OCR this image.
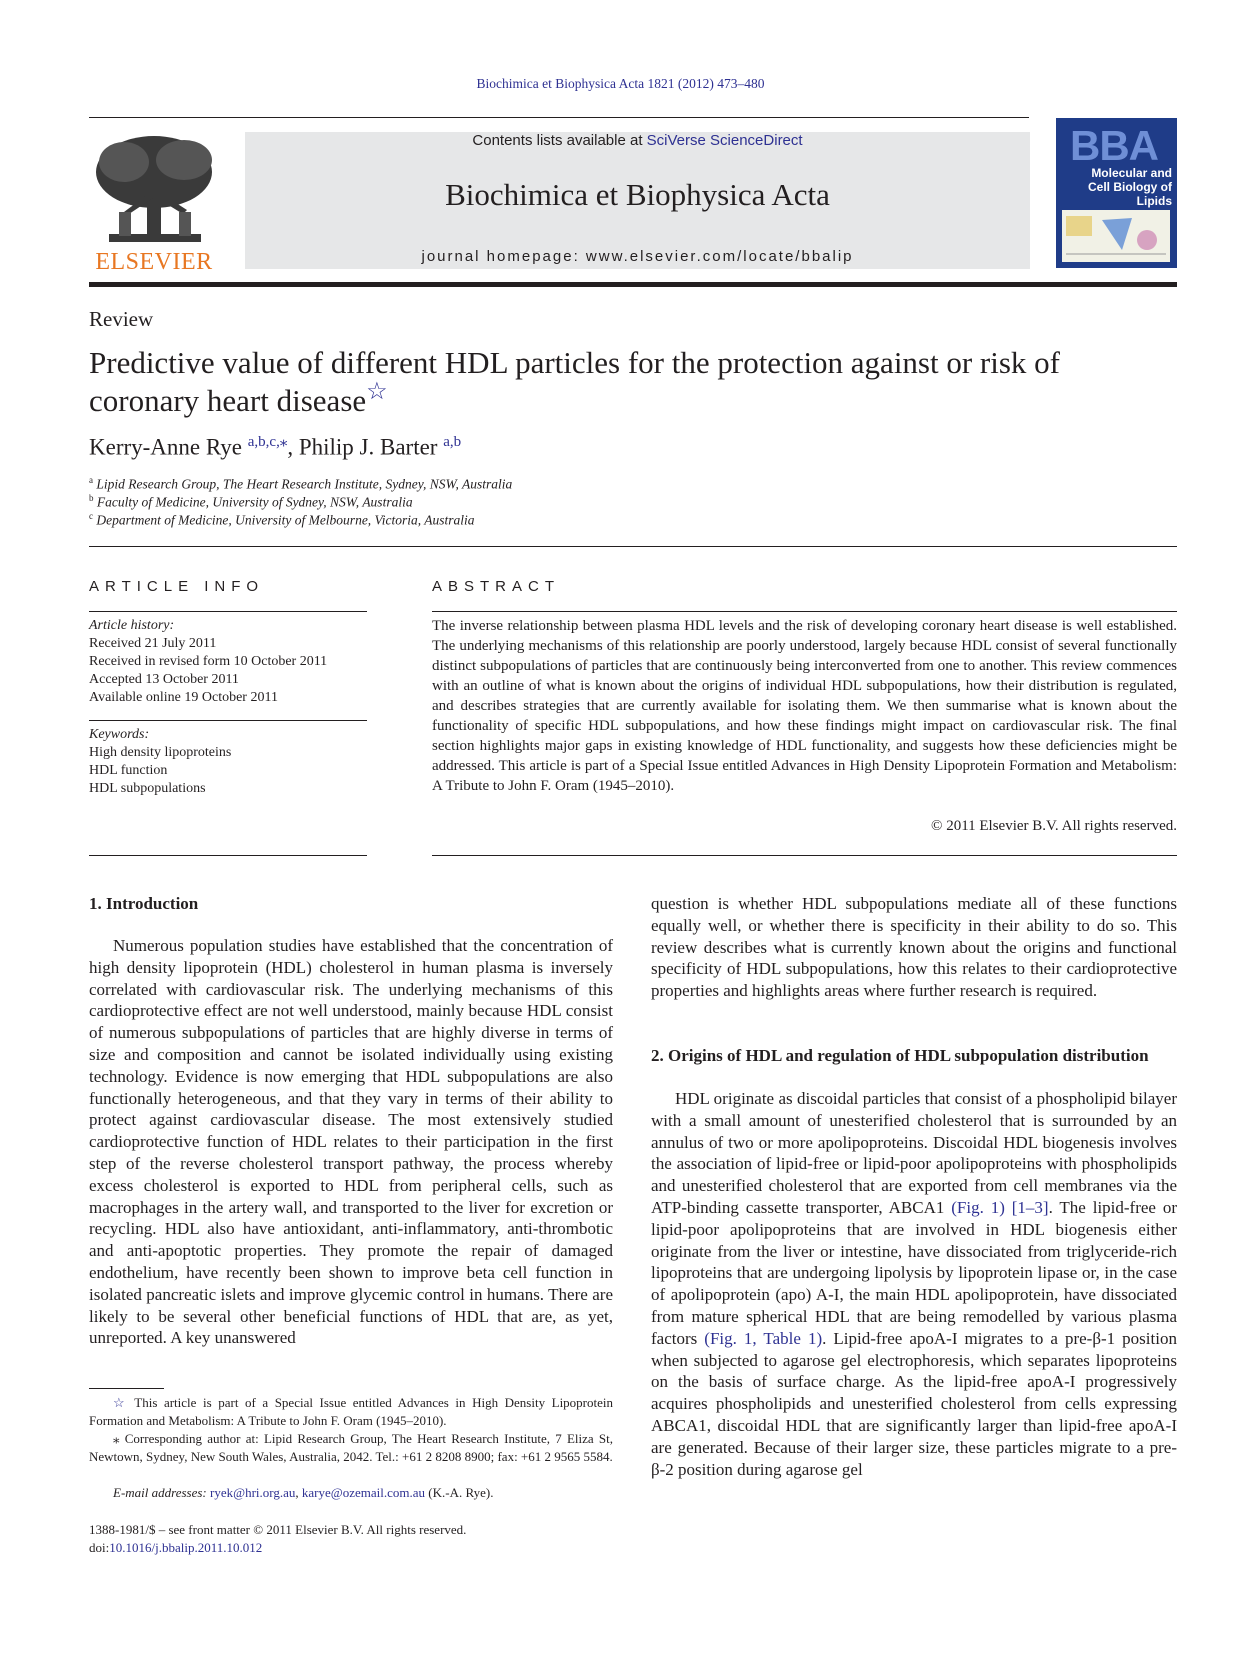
Biochimica et Biophysica Acta 1821 (2012) 473–480
ELSEVIER
Contents lists available at SciVerse ScienceDirect
Biochimica et Biophysica Acta
journal homepage: www.elsevier.com/locate/bbalip
BBA
Molecular and Cell Biology of Lipids
Review
Predictive value of different HDL particles for the protection against or risk of coronary heart disease☆
Kerry-Anne Rye $^{a,b,c,⁎}$, Philip J. Barter $^{a,b}$
$^a$ Lipid Research Group, The Heart Research Institute, Sydney, NSW, Australia
$^b$ Faculty of Medicine, University of Sydney, NSW, Australia
$^c$ Department of Medicine, University of Melbourne, Victoria, Australia
ARTICLE INFO
Article history:
Received 21 July 2011
Received in revised form 10 October 2011
Accepted 13 October 2011
Available online 19 October 2011
Keywords:
High density lipoproteins
HDL function
HDL subpopulations
ABSTRACT
The inverse relationship between plasma HDL levels and the risk of developing coronary heart disease is well established. The underlying mechanisms of this relationship are poorly understood, largely because HDL consist of several functionally distinct subpopulations of particles that are continuously being interconverted from one to another. This review commences with an outline of what is known about the origins of individual HDL subpopulations, how their distribution is regulated, and describes strategies that are currently available for isolating them. We then summarise what is known about the functionality of specific HDL subpopulations, and how these findings might impact on cardiovascular risk. The final section highlights major gaps in existing knowledge of HDL functionality, and suggests how these deficiencies might be addressed. This article is part of a Special Issue entitled Advances in High Density Lipoprotein Formation and Metabolism: A Tribute to John F. Oram (1945–2010).
© 2011 Elsevier B.V. All rights reserved.
1. Introduction
Numerous population studies have established that the concentration of high density lipoprotein (HDL) cholesterol in human plasma is inversely correlated with cardiovascular risk. The underlying mechanisms of this cardioprotective effect are not well understood, mainly because HDL consist of numerous subpopulations of particles that are highly diverse in terms of size and composition and cannot be isolated individually using existing technology. Evidence is now emerging that HDL subpopulations are also functionally heterogeneous, and that they vary in terms of their ability to protect against cardiovascular disease. The most extensively studied cardioprotective function of HDL relates to their participation in the first step of the reverse cholesterol transport pathway, the process whereby excess cholesterol is exported to HDL from peripheral cells, such as macrophages in the artery wall, and transported to the liver for excretion or recycling. HDL also have antioxidant, anti-inflammatory, anti-thrombotic and anti-apoptotic properties. They promote the repair of damaged endothelium, have recently been shown to improve beta cell function in isolated pancreatic islets and improve glycemic control in humans. There are likely to be several other beneficial functions of HDL that are, as yet, unreported. A key unanswered
☆ This article is part of a Special Issue entitled Advances in High Density Lipoprotein Formation and Metabolism: A Tribute to John F. Oram (1945–2010).
⁎ Corresponding author at: Lipid Research Group, The Heart Research Institute, 7 Eliza St, Newtown, Sydney, New South Wales, Australia, 2042. Tel.: +61 2 8208 8900; fax: +61 2 9565 5584.
E-mail addresses: ryek@hri.org.au, karye@ozemail.com.au (K.-A. Rye).
1388-1981/$ – see front matter © 2011 Elsevier B.V. All rights reserved.
doi:10.1016/j.bbalip.2011.10.012
question is whether HDL subpopulations mediate all of these functions equally well, or whether there is specificity in their ability to do so. This review describes what is currently known about the origins and functional specificity of HDL subpopulations, how this relates to their cardioprotective properties and highlights areas where further research is required.
2. Origins of HDL and regulation of HDL subpopulation distribution
HDL originate as discoidal particles that consist of a phospholipid bilayer with a small amount of unesterified cholesterol that is surrounded by an annulus of two or more apolipoproteins. Discoidal HDL biogenesis involves the association of lipid-free or lipid-poor apolipoproteins with phospholipids and unesterified cholesterol that are exported from cell membranes via the ATP-binding cassette transporter, ABCA1 (Fig. 1) [1–3]. The lipid-free or lipid-poor apolipoproteins that are involved in HDL biogenesis either originate from the liver or intestine, have dissociated from triglyceride-rich lipoproteins that are undergoing lipolysis by lipoprotein lipase or, in the case of apolipoprotein (apo) A-I, the main HDL apolipoprotein, have dissociated from mature spherical HDL that are being remodelled by various plasma factors (Fig. 1, Table 1). Lipid-free apoA-I migrates to a pre-β-1 position when subjected to agarose gel electrophoresis, which separates lipoproteins on the basis of surface charge. As the lipid-free apoA-I progressively acquires phospholipids and unesterified cholesterol from cells expressing ABCA1, discoidal HDL that are significantly larger than lipid-free apoA-I are generated. Because of their larger size, these particles migrate to a pre-β-2 position during agarose gel
